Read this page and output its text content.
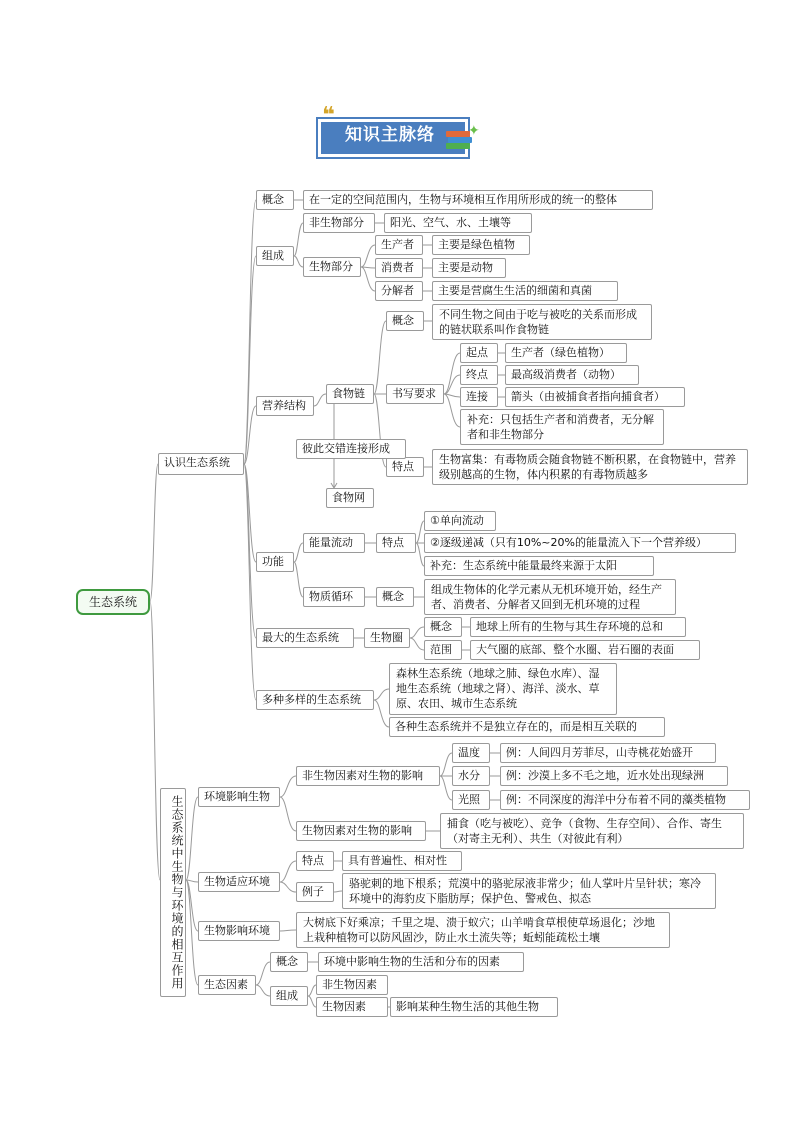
❝
知识主脉络	✦
生态系统
认识生态系统
概念	在一定的空间范围内，生物与环境相互作用所形成的统一的整体
组成
非生物部分	阳光、空气、水、土壤等
生物部分
生产者	主要是绿色植物
消费者	主要是动物
分解者	主要是营腐生生活的细菌和真菌
营养结构
食物链
概念	不同生物之间由于吃与被吃的关系而形成的链状联系叫作食物链
书写要求
起点	生产者（绿色植物）
终点	最高级消费者（动物）
连接	箭头（由被捕食者指向捕食者）
补充：只包括生产者和消费者，无分解者和非生物部分
特点
生物富集：有毒物质会随食物链不断积累，在食物链中，营养级别越高的生物，体内积累的有毒物质越多
彼此交错连接形成
食物网
功能
能量流动	特点
①单向流动
②逐级递减（只有10%~20%的能量流入下一个营养级）
补充：生态系统中能量最终来源于太阳
物质循环	概念
组成生物体的化学元素从无机环境开始，经生产者、消费者、分解者又回到无机环境的过程
最大的生态系统	生物圈
概念	地球上所有的生物与其生存环境的总和
范围	大气圈的底部、整个水圈、岩石圈的表面
多种多样的生态系统
森林生态系统（地球之肺、绿色水库）、湿地生态系统（地球之肾）、海洋、淡水、草原、农田、城市生态系统
各种生态系统并不是独立存在的，而是相互关联的
生态系统中生物与环境的相互作用	环境影响生物
非生物因素对生物的影响
温度	例：人间四月芳菲尽，山寺桃花始盛开
水分	例：沙漠上多不毛之地，近水处出现绿洲
光照	例：不同深度的海洋中分布着不同的藻类植物
生物因素对生物的影响
捕食（吃与被吃）、竞争（食物、生存空间）、合作、寄生（对寄主无利）、共生（对彼此有利）
生物适应环境
特点	具有普遍性、相对性
例子
骆驼刺的地下根系；荒漠中的骆驼尿液非常少；仙人掌叶片呈针状；寒冷环境中的海豹皮下脂肪厚；保护色、警戒色、拟态
生物影响环境
大树底下好乘凉；千里之堤、溃于蚁穴；山羊啃食草根使草场退化；沙地上栽种植物可以防风固沙，防止水土流失等；蚯蚓能疏松土壤
生态因素
概念	环境中影响生物的生活和分布的因素
组成
非生物因素
生物因素	影响某种生物生活的其他生物
